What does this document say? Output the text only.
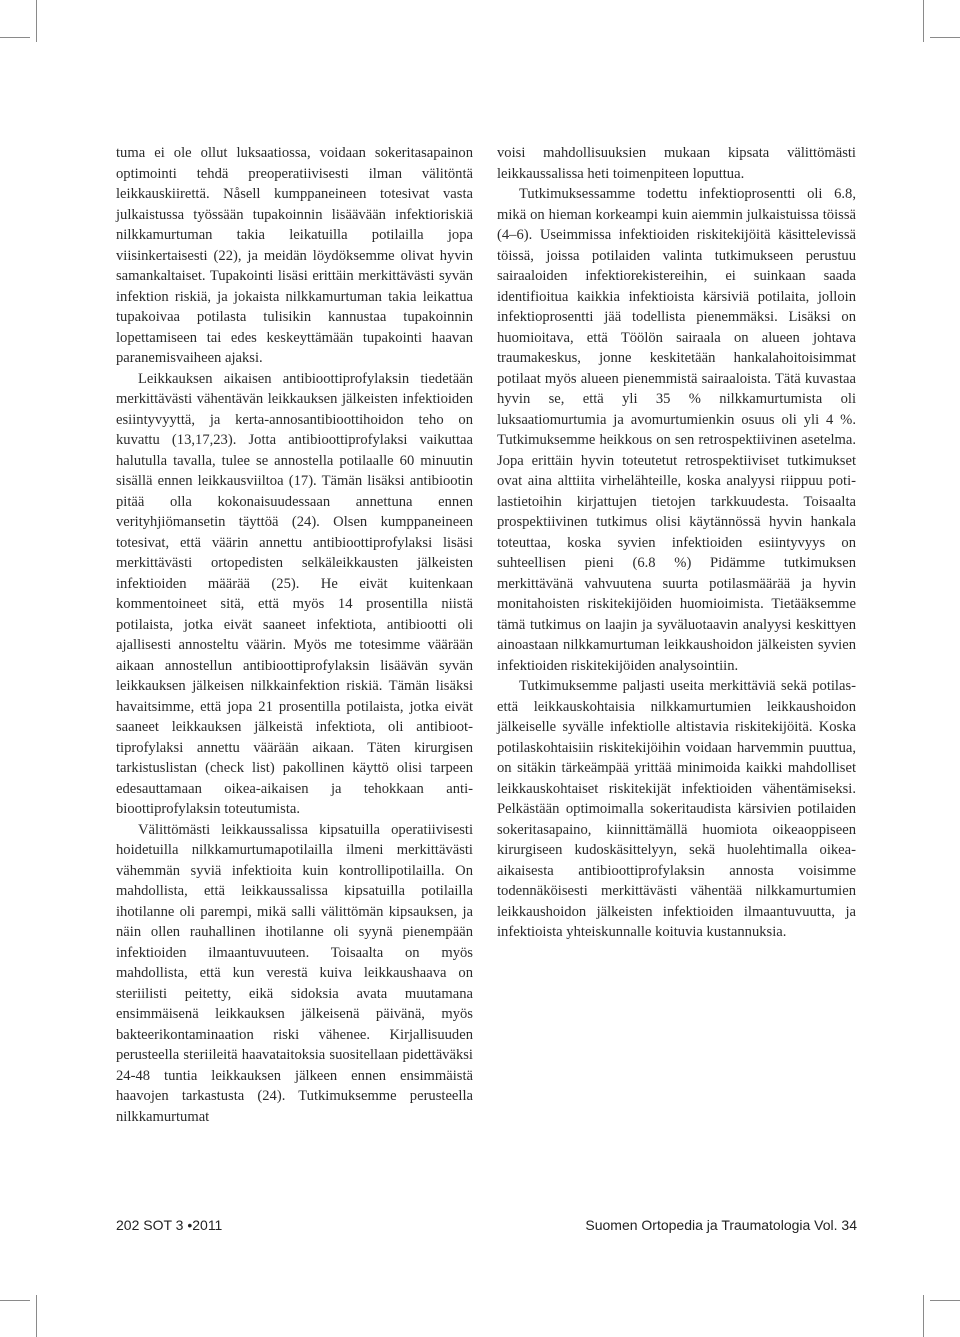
tuma ei ole ollut luksaatiossa, voidaan sokeritasapainon optimointi tehdä preoperatiivisesti ilman välitöntä leikkauskiirettä. Nåsell kumppaneineen totesivat vasta julkaistussa työssään tupakoinnin lisäävään infektioriskiä nilkkamurtuman takia leikatuilla potilailla jopa viisinkertaisesti (22), ja meidän löydöksemme olivat hyvin samankaltaiset. Tupakointi lisäsi erittäin merkittävästi syvän infektion riskiä, ja jokaista nilkkamurtuman takia leikattua tupakoivaa potilasta tulisikin kannustaa tupakoinnin lopettamiseen tai edes keskeyttämään tupakointi haavan paranemisvaiheen ajaksi.

Leikkauksen aikaisen antibioottiprofylaksin tiedetään merkittävästi vähentävän leikkauksen jälkeisten infektioiden esiintyvyyttä, ja kerta-annosantibioottihoidon teho on kuvattu (13,17,23). Jotta antibioottiprofylaksi vaikuttaa halutulla tavalla, tulee se annostella potilaalle 60 minuutin sisällä ennen leikkausviiltoa (17). Tämän lisäksi antibiootin pitää olla kokonaisuudessaan annettuna ennen verityhjiömansetin täyttöä (24). Olsen kumppaneineen totesivat, että väärin annettu antibioottiprofylaksi lisäsi merkittävästi ortopedisten selkäleikkausten jälkeisten infektioiden määrää (25). He eivät kuitenkaan kommentoineet sitä, että myös 14 prosentilla niistä potilaista, jotka eivät saaneet infektiota, antibiootti oli ajallisesti annosteltu väärin. Myös me totesimme väärään aikaan annostellun antibioottiprofylaksin lisäävän syvän leikkauksen jälkeisen nilkkainfektion riskiä. Tämän lisäksi havaitsimme, että jopa 21 prosentilla potilaista, jotka eivät saaneet leikkauksen jälkeistä infektiota, oli antibioottiprofylaksi annettu väärään aikaan. Täten kirurgisen tarkistuslistan (check list) pakollinen käyttö olisi tarpeen edesauttamaan oikea-aikaisen ja tehokkaan antibioottiprofylaksin toteutumista.

Välittömästi leikkaussalissa kipsatuilla operatiivisesti hoidetuilla nilkkamurtumapotilailla ilmeni merkittävästi vähemmän syviä infektioita kuin kontrollipotilailla. On mahdollista, että leikkaussalissa kipsatuilla potilailla ihotilanne oli parempi, mikä salli välittömän kipsauksen, ja näin ollen rauhallinen ihotilanne oli syynä pienempään infektioiden ilmaantuvuuteen. Toisaalta on myös mahdollista, että kun verestä kuiva leikkaushaava on steriilisti peitetty, eikä sidoksia avata muutamana ensimmäisenä leikkauksen jälkeisenä päivänä, myös bakteerikontaminaation riski vähenee. Kirjallisuuden perusteella steriileitä haavataitoksia suositellaan pidettäväksi 24-48 tuntia leikkauksen jälkeen ennen ensimmäistä haavojen tarkastusta (24). Tutkimuksemme perusteella nilkkamurtumat

voisi mahdollisuuksien mukaan kipsata välittömästi leikkaussalissa heti toimenpiteen loputtua.

Tutkimuksessamme todettu infektioprosentti oli 6.8, mikä on hieman korkeampi kuin aiemmin julkaistuissa töissä (4–6). Useimmissa infektioiden riskitekijöitä käsittelevissä töissä, joissa potilaiden valinta tutkimukseen perustuu sairaaloiden infektiorekistereihin, ei suinkaan saada identifioitua kaikkia infektioista kärsiviä potilaita, jolloin infektioprosentti jää todellista pienemmäksi. Lisäksi on huomioitava, että Töölön sairaala on alueen johtava traumakeskus, jonne keskitetään hankalahoitoisimmat potilaat myös alueen pienemmistä sairaaloista. Tätä kuvastaa hyvin se, että yli 35 % nilkkamurtumista oli luksaatiomurtumia ja avomurtumienkin osuus oli yli 4 %. Tutkimuksemme heikkous on sen retrospektiivinen asetelma. Jopa erittäin hyvin toteutetut retrospektiiviset tutkimukset ovat aina alttiita virhelähteille, koska analyysi riippuu potilastietoihin kirjattujen tietojen tarkkuudesta. Toisaalta prospektiivinen tutkimus olisi käytännössä hyvin hankala toteuttaa, koska syvien infektioiden esiintyvyys on suhteellisen pieni (6.8 %) Pidämme tutkimuksen merkittävänä vahvuutena suurta potilasmäärää ja hyvin monitahoisten riskitekijöiden huomioimista. Tietääksemme tämä tutkimus on laajin ja syväluotaavin analyysi keskittyen ainoastaan nilkkamurtuman leikkaushoidon jälkeisten syvien infektioiden riskitekijöiden analysointiin.

Tutkimuksemme paljasti useita merkittäviä sekä potilas- että leikkauskohtaisia nilkkamurtumien leikkaushoidon jälkeiselle syvälle infektiolle altistavia riskitekijöitä. Koska potilaskohtaisiin riskitekijöihin voidaan harvemmin puuttua, on sitäkin tärkeämpää yrittää minimoida kaikki mahdolliset leikkauskohtaiset riskitekijät infektioiden vähentämiseksi. Pelkästään optimoimalla sokeritaudista kärsivien potilaiden sokeritasapaino, kiinnittämällä huomiota oikeaoppiseen kirurgiseen kudoskäsittelyyn, sekä huolehtimalla oikea-aikaisesta antibioottiprofylaksin annosta voisimme todennäköisesti merkittävästi vähentää nilkkamurtumien leikkaushoidon jälkeisten infektioiden ilmaantuvuutta, ja infektioista yhteiskunnalle koituvia kustannuksia.

202 SOT 3 •2011	Suomen Ortopedia ja Traumatologia Vol. 34
